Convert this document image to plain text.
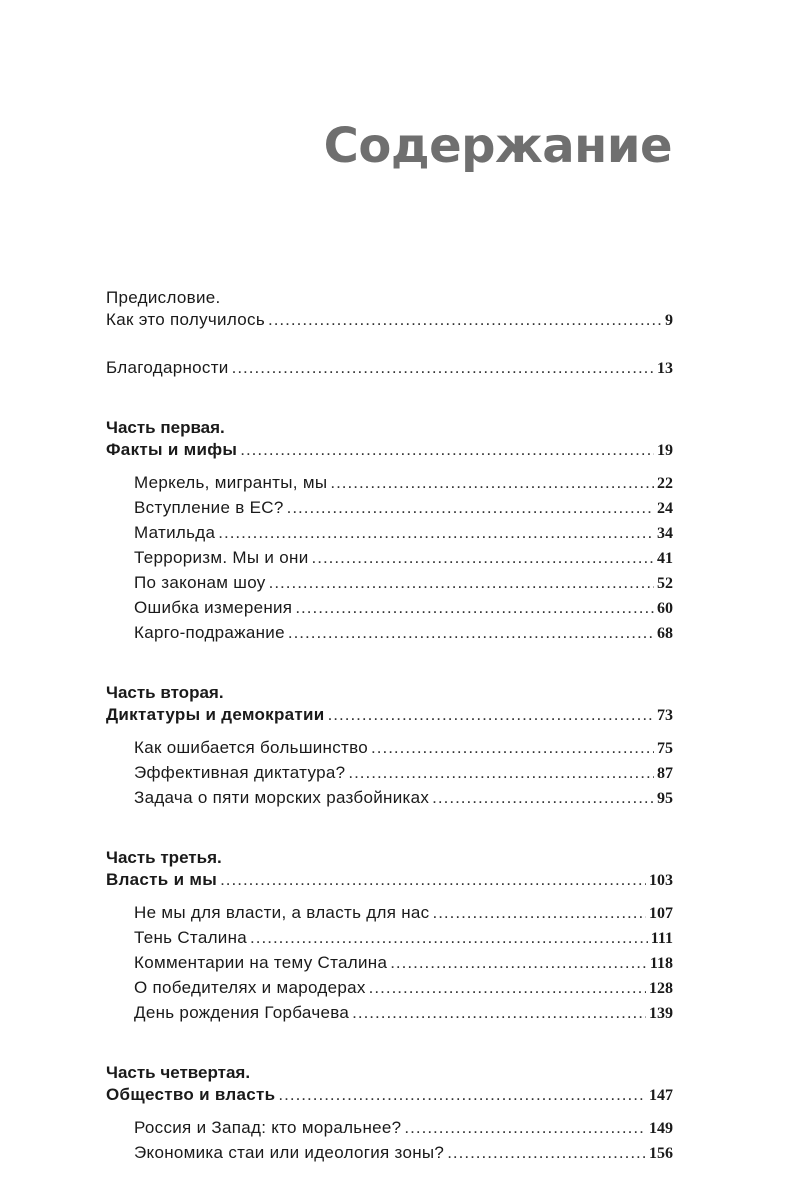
Содержание
Предисловие.
Как это получилось .....	9
Благодарности .....	13
Часть первая.
Факты и мифы .....	19
Меркель, мигранты, мы .....	22
Вступление в ЕС? .....	24
Матильда .....	34
Терроризм. Мы и они .....	41
По законам шоу .....	52
Ошибка измерения .....	60
Карго-подражание .....	68
Часть вторая.
Диктатуры и демократии .....	73
Как ошибается большинство .....	75
Эффективная диктатура? .....	87
Задача о пяти морских разбойниках .....	95
Часть третья.
Власть и мы .....	103
Не мы для власти, а власть для нас .....	107
Тень Сталина .....	111
Комментарии на тему Сталина .....	118
О победителях и мародерах .....	128
День рождения Горбачева .....	139
Часть четвертая.
Общество и власть .....	147
Россия и Запад: кто моральнее? .....	149
Экономика стаи или идеология зоны? .....	156
